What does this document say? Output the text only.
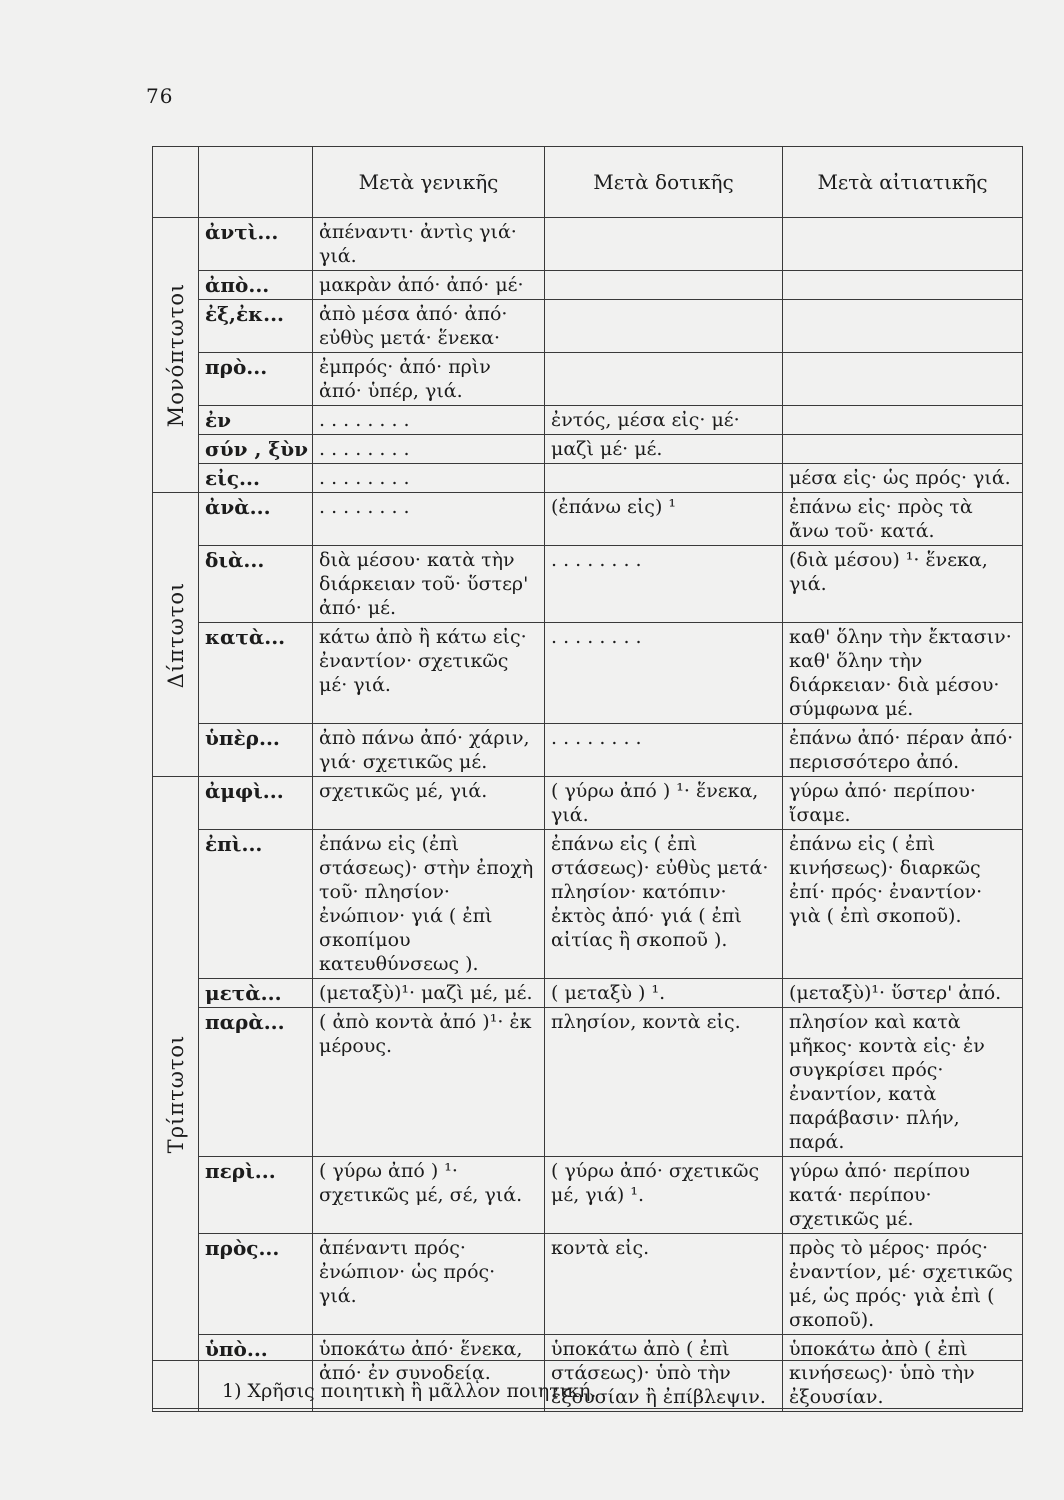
76
		Μετὰ γενικῆς	Μετὰ δοτικῆς	Μετὰ αἰτιατικῆς

Μονόπτωτοι	ἀντὶ...	ἀπέναντι· ἀντὶς γιά· γιά.		
	ἀπὸ...	μακρὰν ἀπό· ἀπό· μέ·		
	ἐξ,ἐκ...	ἀπὸ μέσα ἀπό· ἀπό· εὐθὺς μετά· ἕνεκα·		
	πρὸ...	ἐμπρός· ἀπό· πρὶν ἀπό· ὑπέρ, γιά.		
	ἐν	. . . . . . . .	ἐντός, μέσα εἰς· μέ·	
	σύν , ξὺν	. . . . . . . .	μαζὶ μέ· μέ.	
	εἰς...	. . . . . . . .		μέσα εἰς· ὡς πρός· γιά.

Δίπτωτοι	ἀνὰ...	. . . . . . . .	(ἐπάνω εἰς) ¹	ἐπάνω εἰς· πρὸς τὰ ἄνω τοῦ· κατά.
	διὰ...	διὰ μέσου· κατὰ τὴν διάρκειαν τοῦ· ὕστερ' ἀπό· μέ.	. . . . . . . .	(διὰ μέσου) ¹· ἕνεκα, γιά.
	κατὰ...	κάτω ἀπὸ ἢ κάτω εἰς· ἐναντίον· σχετικῶς μέ· γιά.	. . . . . . . .	καθ' ὅλην τὴν ἔκτασιν· καθ' ὅλην τὴν διάρκειαν· διὰ μέσου· σύμφωνα μέ.
	ὑπὲρ...	ἀπὸ πάνω ἀπό· χάριν, γιά· σχετικῶς μέ.	. . . . . . . .	ἐπάνω ἀπό· πέραν ἀπό· περισσότερο ἀπό.

Τρίπτωτοι	ἀμφὶ...	σχετικῶς μέ, γιά.	( γύρω ἀπό ) ¹· ἕνεκα, γιά.	γύρω ἀπό· περίπου· ἴσαμε.
	ἐπὶ...	ἐπάνω εἰς (ἐπὶ στάσεως)· στὴν ἐποχὴ τοῦ· πλησίον· ἐνώπιον· γιά ( ἐπὶ σκοπίμου κατευθύνσεως ).	ἐπάνω εἰς ( ἐπὶ στάσεως)· εὐθὺς μετά· πλησίον· κατόπιν· ἐκτὸς ἀπό· γιά ( ἐπὶ αἰτίας ἢ σκοποῦ ).	ἐπάνω εἰς ( ἐπὶ κινήσεως)· διαρκῶς ἐπί· πρός· ἐναντίον· γιὰ ( ἐπὶ σκοποῦ).
	μετὰ...	(μεταξὺ)¹· μαζὶ μέ, μέ.	( μεταξὺ ) ¹.	(μεταξὺ)¹· ὕστερ' ἀπό.
	παρὰ...	( ἀπὸ κοντὰ ἀπό )¹· ἐκ μέρους.	πλησίον, κοντὰ εἰς.	πλησίον καὶ κατὰ μῆκος· κοντὰ εἰς· ἐν συγκρίσει πρός· ἐναντίον, κατὰ παράβασιν· πλήν, παρά.
	περὶ...	( γύρω ἀπό ) ¹· σχετικῶς μέ, σέ, γιά.	( γύρω ἀπό· σχετικῶς μέ, γιά) ¹.	γύρω ἀπό· περίπου κατά· περίπου· σχετικῶς μέ.
	πρὸς...	ἀπέναντι πρός· ἐνώπιον· ὡς πρός· γιά.	κοντὰ εἰς.	πρὸς τὸ μέρος· πρός· ἐναντίον, μέ· σχετικῶς μέ, ὡς πρός· γιὰ ἐπὶ ( σκοποῦ).
	ὑπὸ...	ὑποκάτω ἀπό· ἕνεκα, ἀπό· ἐν συνοδείᾳ.	ὑποκάτω ἀπὸ ( ἐπὶ στάσεως)· ὑπὸ τὴν ἐξουσίαν ἢ ἐπίβλεψιν.	ὑποκάτω ἀπὸ ( ἐπὶ κινήσεως)· ὑπὸ τὴν ἐξουσίαν.
1) Χρῆσις ποιητικὴ ἢ μᾶλλον ποιητική.
